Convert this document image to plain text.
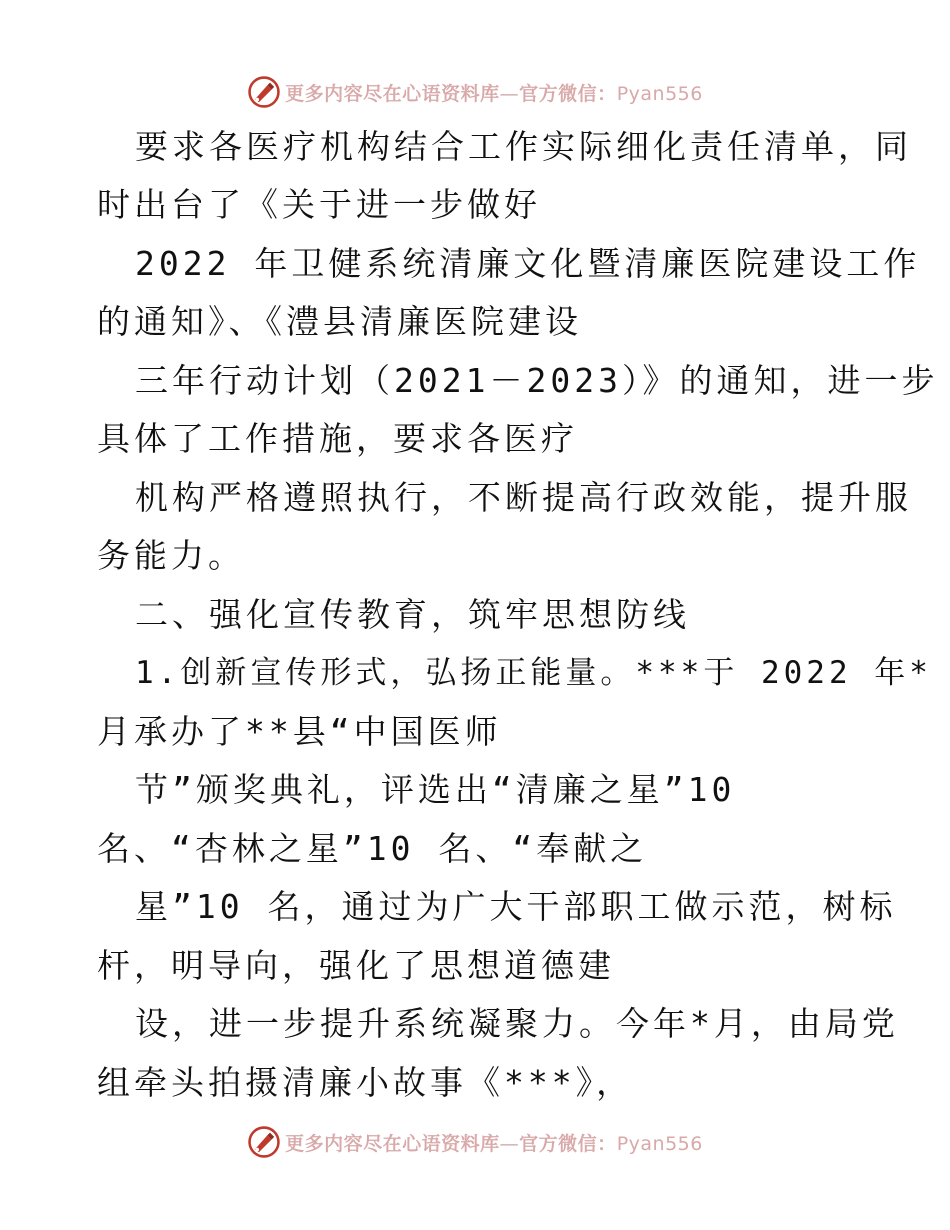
更多内容尽在心语资料库—官方微信：Pyan556
要求各医疗机构结合工作实际细化责任清单，同
时出台了《关于进一步做好
2022 年卫健系统清廉文化暨清廉医院建设工作
的通知》、《澧县清廉医院建设
三年行动计划（2021－2023）》的通知，进一步
具体了工作措施，要求各医疗
机构严格遵照执行，不断提高行政效能，提升服
务能力。
二、强化宣传教育，筑牢思想防线
1.创新宣传形式，弘扬正能量。***于 2022 年*
月承办了**县“中国医师
节”颁奖典礼，评选出“清廉之星”10
名、“杏林之星”10 名、“奉献之
星”10 名，通过为广大干部职工做示范，树标
杆，明导向，强化了思想道德建
设，进一步提升系统凝聚力。今年*月，由局党
组牵头拍摄清廉小故事《***》，
更多内容尽在心语资料库—官方微信：Pyan556
